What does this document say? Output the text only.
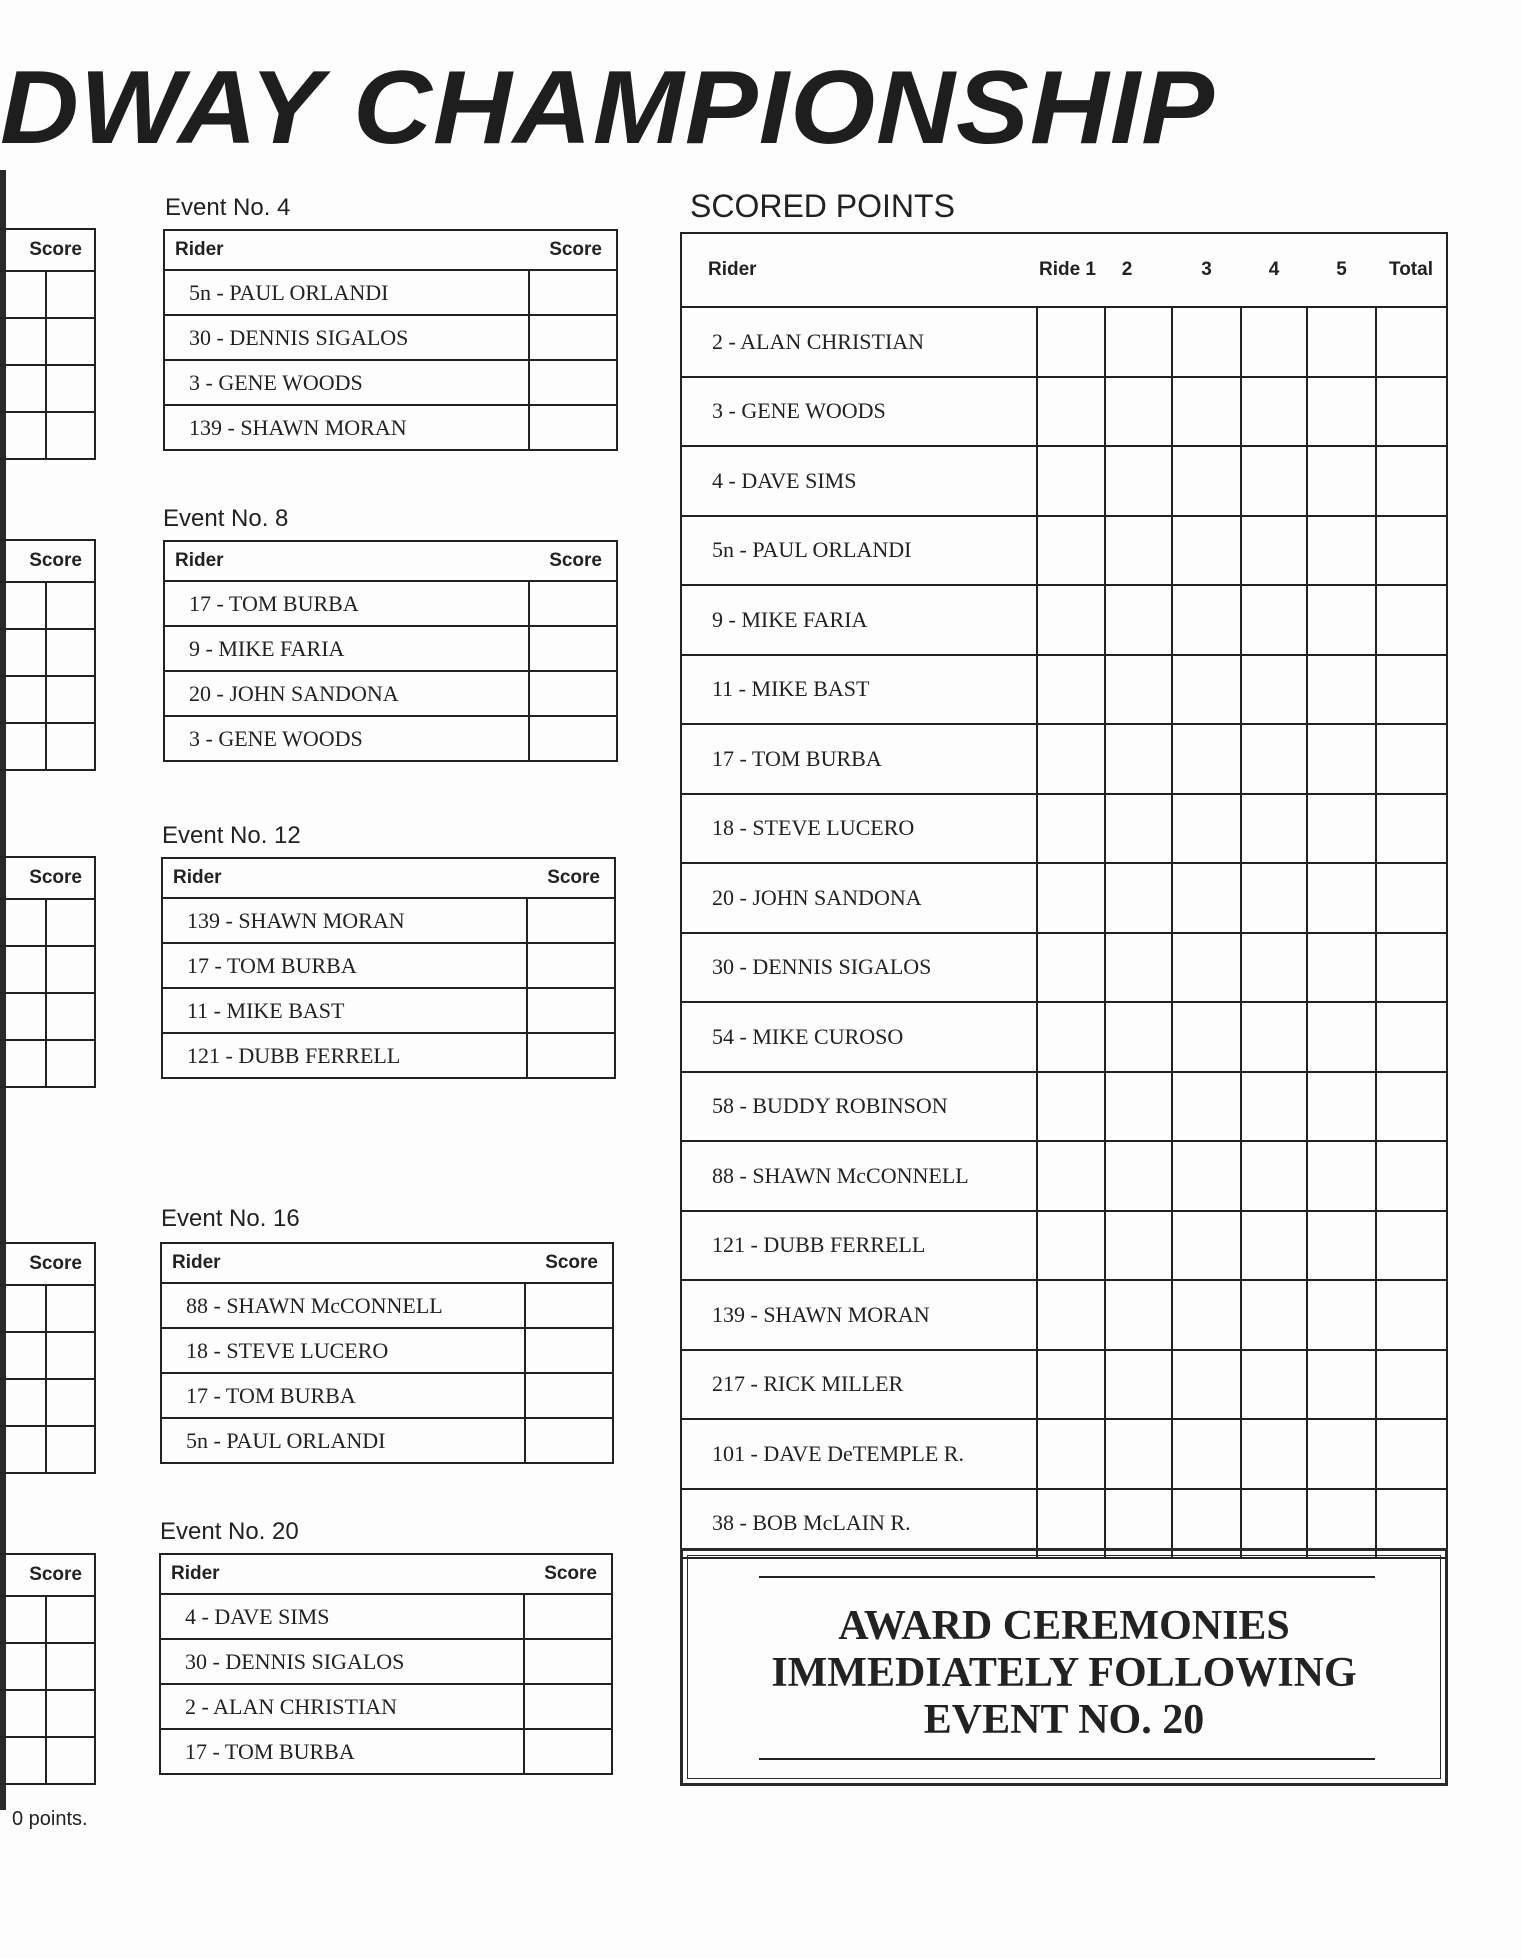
DWAY CHAMPIONSHIP
Score	

Score	

Score	

Score	

Score	

Event No. 4
Rider	Score
5n - PAUL ORLANDI	
30 - DENNIS SIGALOS	
3 - GENE WOODS	
139 - SHAWN MORAN	
Event No. 8
Rider	Score
17 - TOM BURBA	
9 - MIKE FARIA	
20 - JOHN SANDONA	
3 - GENE WOODS	
Event No. 12
Rider	Score
139 - SHAWN MORAN	
17 - TOM BURBA	
11 - MIKE BAST	
121 - DUBB FERRELL	
Event No. 16
Rider	Score
88 - SHAWN McCONNELL	
18 - STEVE LUCERO	
17 - TOM BURBA	
5n - PAUL ORLANDI	
Event No. 20
Rider	Score
4 - DAVE SIMS	
30 - DENNIS SIGALOS	
2 - ALAN CHRISTIAN	
17 - TOM BURBA	
SCORED POINTS
Rider	Ride 1 2		3	4	5	Total
2 - ALAN CHRISTIAN						
3 - GENE WOODS						
4 - DAVE SIMS						
5n - PAUL ORLANDI						
9 - MIKE FARIA						
11 - MIKE BAST						
17 - TOM BURBA						
18 - STEVE LUCERO						
20 - JOHN SANDONA						
30 - DENNIS SIGALOS						
54 - MIKE CUROSO						
58 - BUDDY ROBINSON						
88 - SHAWN McCONNELL						
121 - DUBB FERRELL						
139 - SHAWN MORAN						
217 - RICK MILLER						
101 - DAVE DeTEMPLE R.						
38 - BOB McLAIN R.						
AWARD CEREMONIES
IMMEDIATELY FOLLOWING
EVENT NO. 20
0 points.
